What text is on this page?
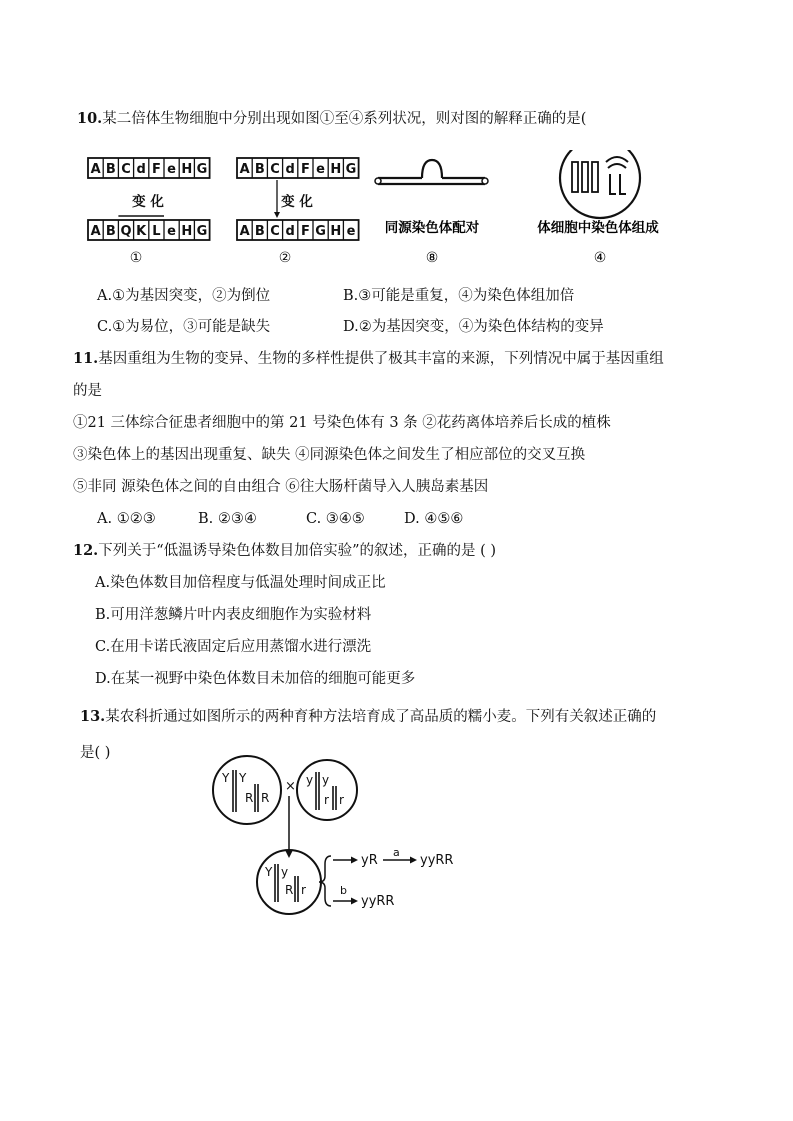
10.某二倍体生物细胞中分别出现如图①至④系列状况，则对图的解释正确的是(
A B C d F e H G
A B Q K L e H G
变 化
①
A B C d F e H G
A B C d F G H e
变 化
②
同源染色体配对
⑧
体细胞中染色体组成
④
A.①为基因突变，②为倒位	B.③可能是重复，④为染色体组加倍
C.①为易位，③可能是缺失	D.②为基因突变，④为染色体结构的变异
11.基因重组为生物的变异、生物的多样性提供了极其丰富的来源，下列情况中属于基因重组
的是
①21 三体综合征患者细胞中的第 21 号染色体有 3 条 ②花药离体培养后长成的植株
③染色体上的基因出现重复、缺失 ④同源染色体之间发生了相应部位的交叉互换
⑤非同 源染色体之间的自由组合 ⑥往大肠杆菌导入人胰岛素基因
A. ①②③	B. ②③④	C. ③④⑤	D. ④⑤⑥
12.下列关于“低温诱导染色体数目加倍实验”的叙述，正确的是 ( )
A.染色体数目加倍程度与低温处理时间成正比
B.可用洋葱鳞片叶内表皮细胞作为实验材料
C.在用卡诺氏液固定后应用蒸馏水进行漂洗
D.在某一视野中染色体数目未加倍的细胞可能更多
13.某农科折通过如图所示的两种育种方法培育成了高品质的糯小麦。下列有关叙述正确的
是( )
Y Y
R R
× y y
r r
Y y
R r
yR
a
yyRR
b
yyRR
